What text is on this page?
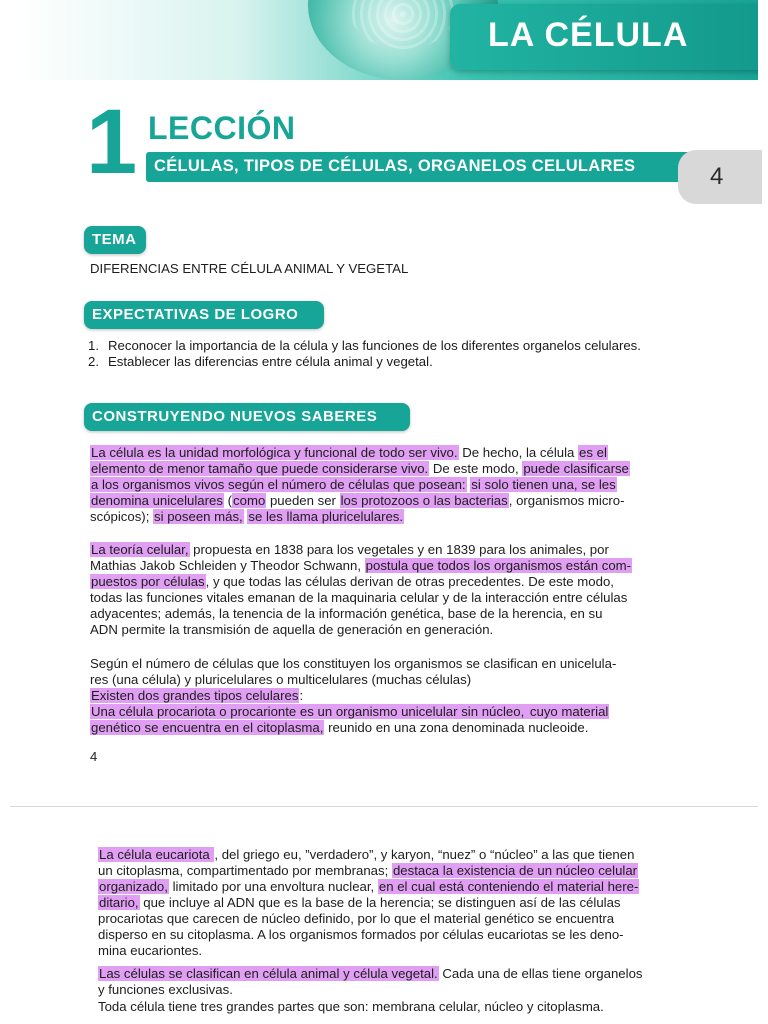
LA CÉLULA
1 LECCIÓN
CÉLULAS, TIPOS DE CÉLULAS, ORGANELOS CELULARES	4
TEMA
DIFERENCIAS ENTRE CÉLULA ANIMAL Y VEGETAL
EXPECTATIVAS DE LOGRO
1. Reconocer la importancia de la célula y las funciones de los diferentes organelos celulares.
2. Establecer las diferencias entre célula animal y vegetal.
CONSTRUYENDO NUEVOS SABERES
La célula es la unidad morfológica y funcional de todo ser vivo. De hecho, la célula es el
elemento de menor tamaño que puede considerarse vivo. De este modo, puede clasificarse
a los organismos vivos según el número de células que posean: si solo tienen una, se les
denomina unicelulares (como pueden ser los protozoos o las bacterias, organismos micro-
scópicos); si poseen más, se les llama pluricelulares.
La teoría celular, propuesta en 1838 para los vegetales y en 1839 para los animales, por
Mathias Jakob Schleiden y Theodor Schwann, postula que todos los organismos están com-
puestos por células, y que todas las células derivan de otras precedentes. De este modo,
todas las funciones vitales emanan de la maquinaria celular y de la interacción entre células
adyacentes; además, la tenencia de la información genética, base de la herencia, en su
ADN permite la transmisión de aquella de generación en generación.
Según el número de células que los constituyen los organismos se clasifican en unicelula-
res (una célula) y pluricelulares o multicelulares (muchas células)
Existen dos grandes tipos celulares:
Una célula procariota o procarionte es un organismo unicelular sin núcleo, cuyo material
genético se encuentra en el citoplasma, reunido en una zona denominada nucleoide.
4
La célula eucariota , del griego eu, ”verdadero”, y karyon, “nuez” o “núcleo” a las que tienen
un citoplasma, compartimentado por membranas; destaca la existencia de un núcleo celular
organizado, limitado por una envoltura nuclear, en el cual está conteniendo el material here-
ditario, que incluye al ADN que es la base de la herencia; se distinguen así de las células
procariotas que carecen de núcleo definido, por lo que el material genético se encuentra
disperso en su citoplasma. A los organismos formados por células eucariotas se les deno-
mina eucariontes.
Las células se clasifican en célula animal y célula vegetal. Cada una de ellas tiene organelos
y funciones exclusivas.
Toda célula tiene tres grandes partes que son: membrana celular, núcleo y citoplasma.
